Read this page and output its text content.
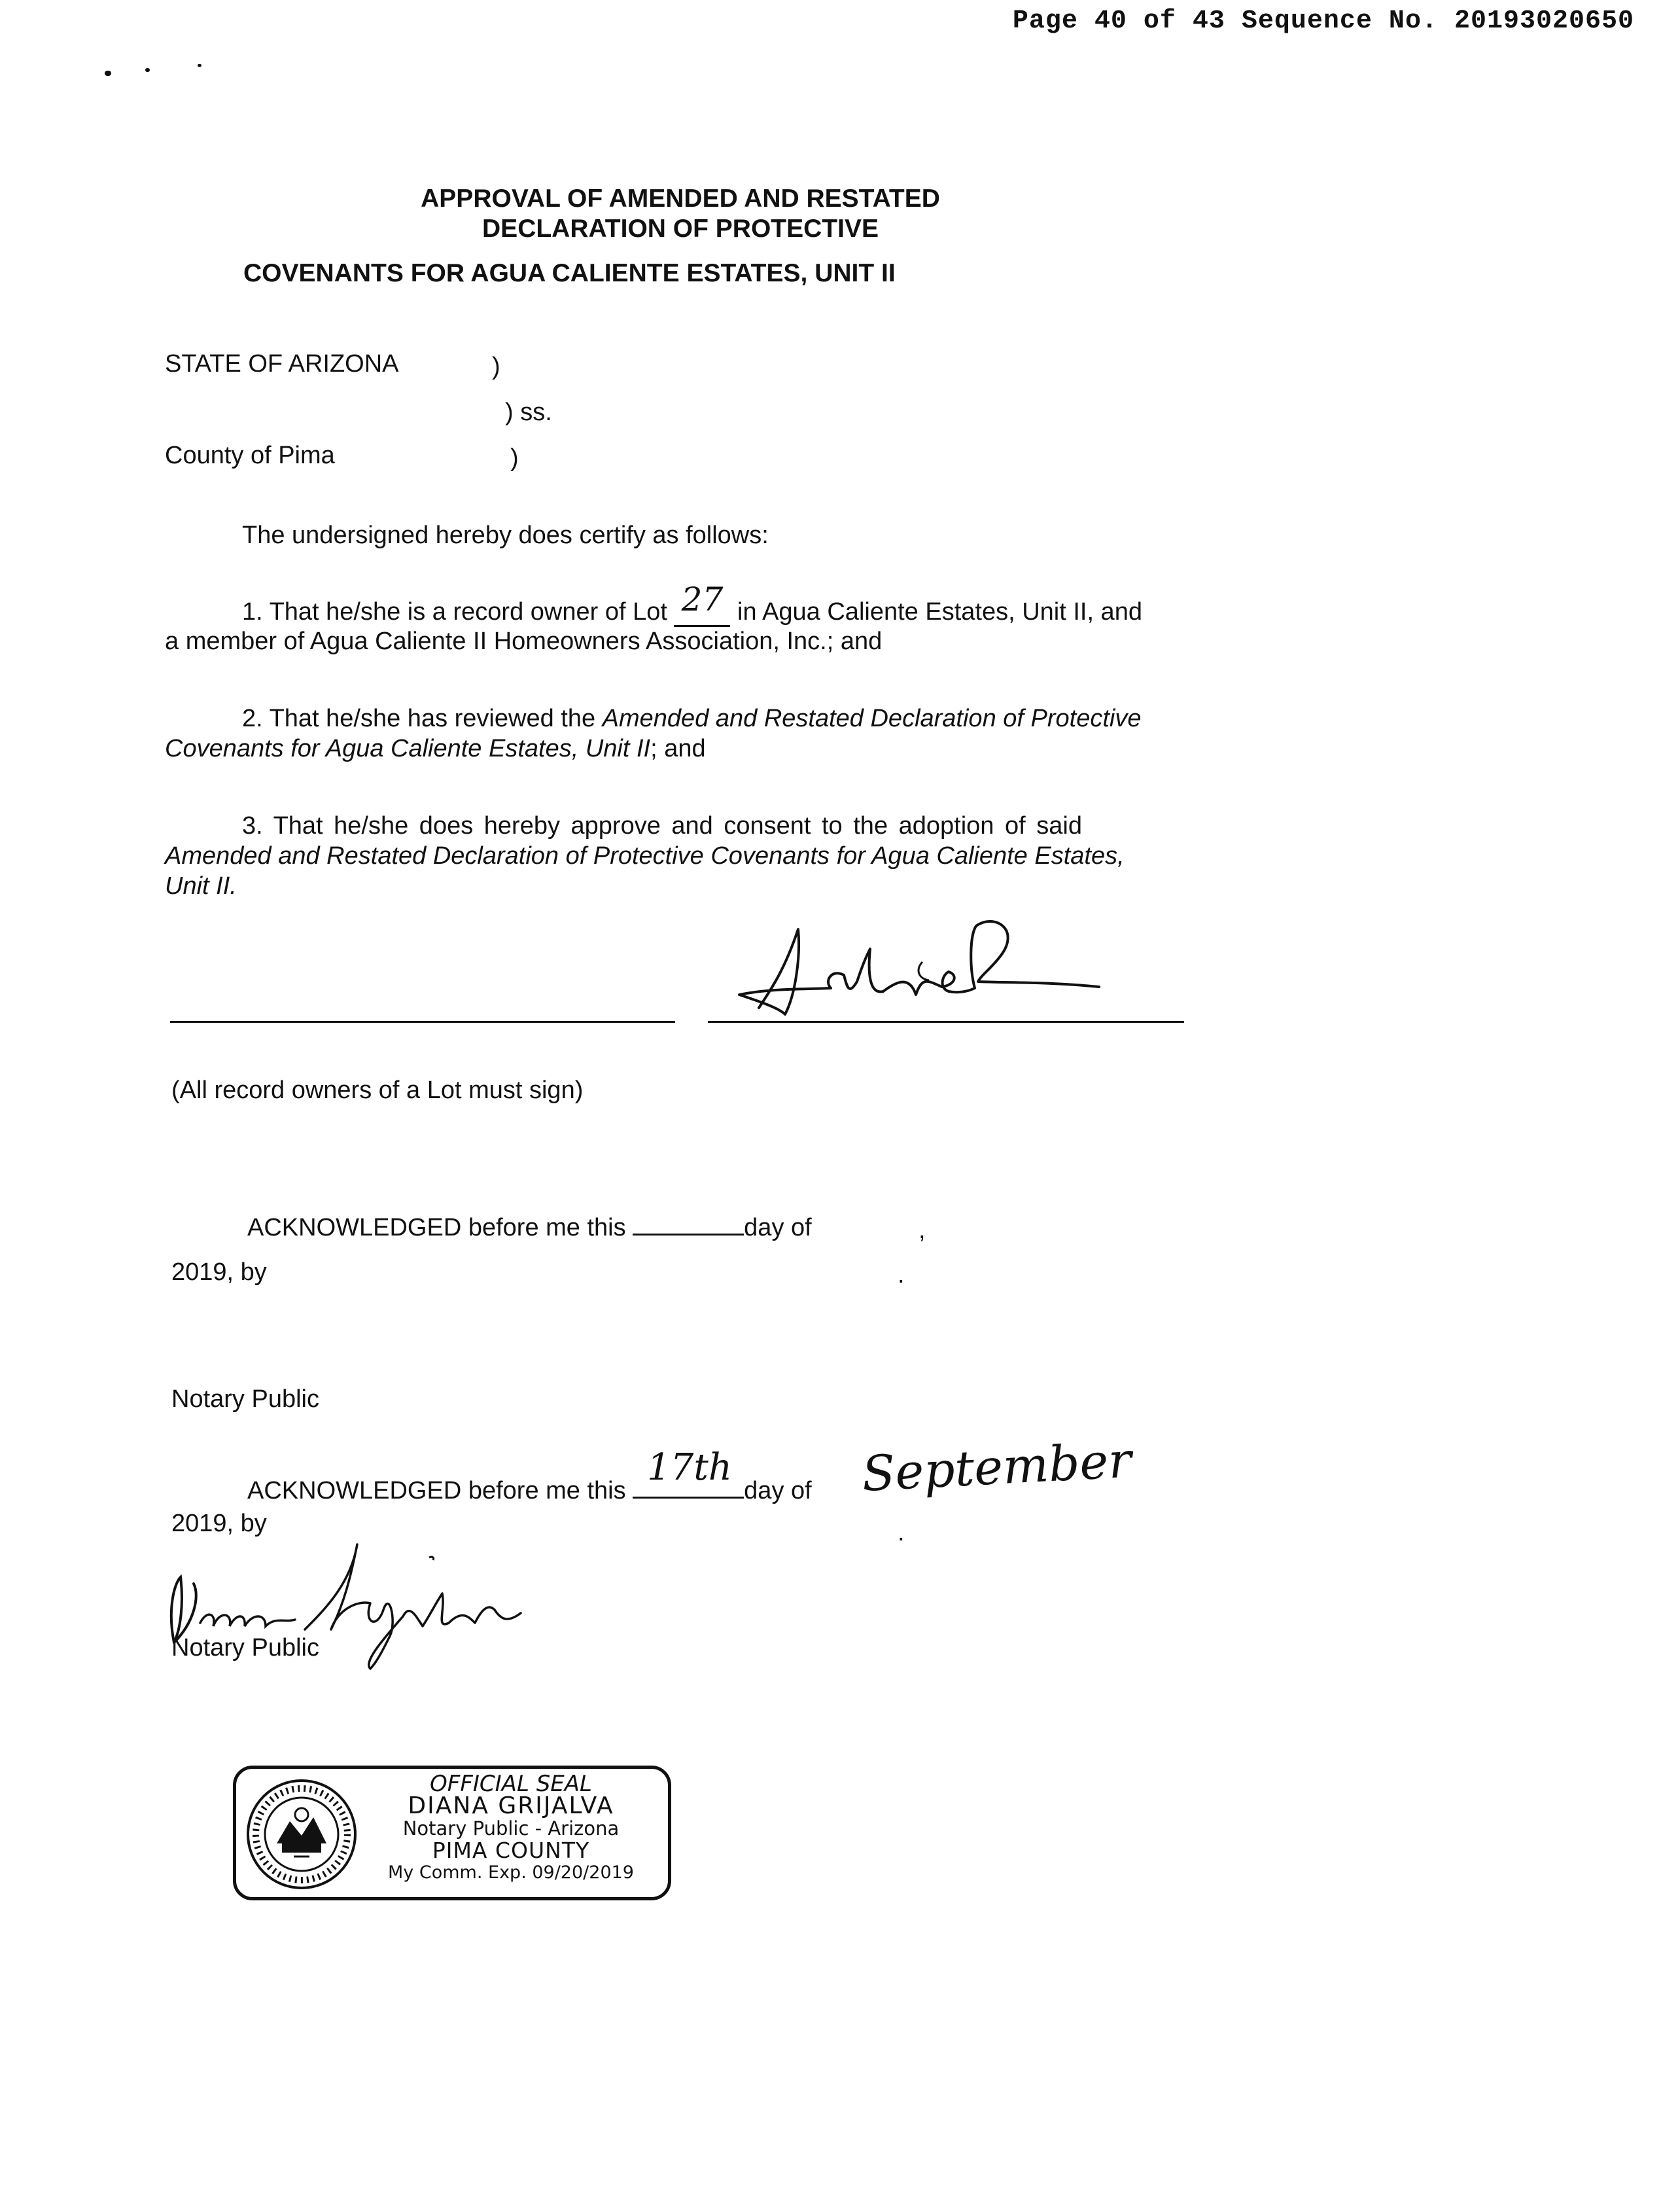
Page 40 of 43 Sequence No. 20193020650
APPROVAL OF AMENDED AND RESTATED
DECLARATION OF PROTECTIVE
COVENANTS FOR AGUA CALIENTE ESTATES, UNIT II
STATE OF ARIZONA	)
) ss.
County of Pima	)
The undersigned hereby does certify as follows:
1. That he/she is a record owner of Lot 27 in Agua Caliente Estates, Unit II, and
a member of Agua Caliente II Homeowners Association, Inc.; and
2. That he/she has reviewed the Amended and Restated Declaration of Protective
Covenants for Agua Caliente Estates, Unit II; and
3. That he/she does hereby approve and consent to the adoption of said
Amended and Restated Declaration of Protective Covenants for Agua Caliente Estates,
Unit II.
(All record owners of a Lot must sign)
ACKNOWLEDGED before me this	day of	,
2019, by	.
Notary Public
ACKNOWLEDGED before me this
17th
day of September
2019, by	.
Notary Public
OFFICIAL SEAL
DIANA GRIJALVA
Notary Public - Arizona
PIMA COUNTY
My Comm. Exp. 09/20/2019
